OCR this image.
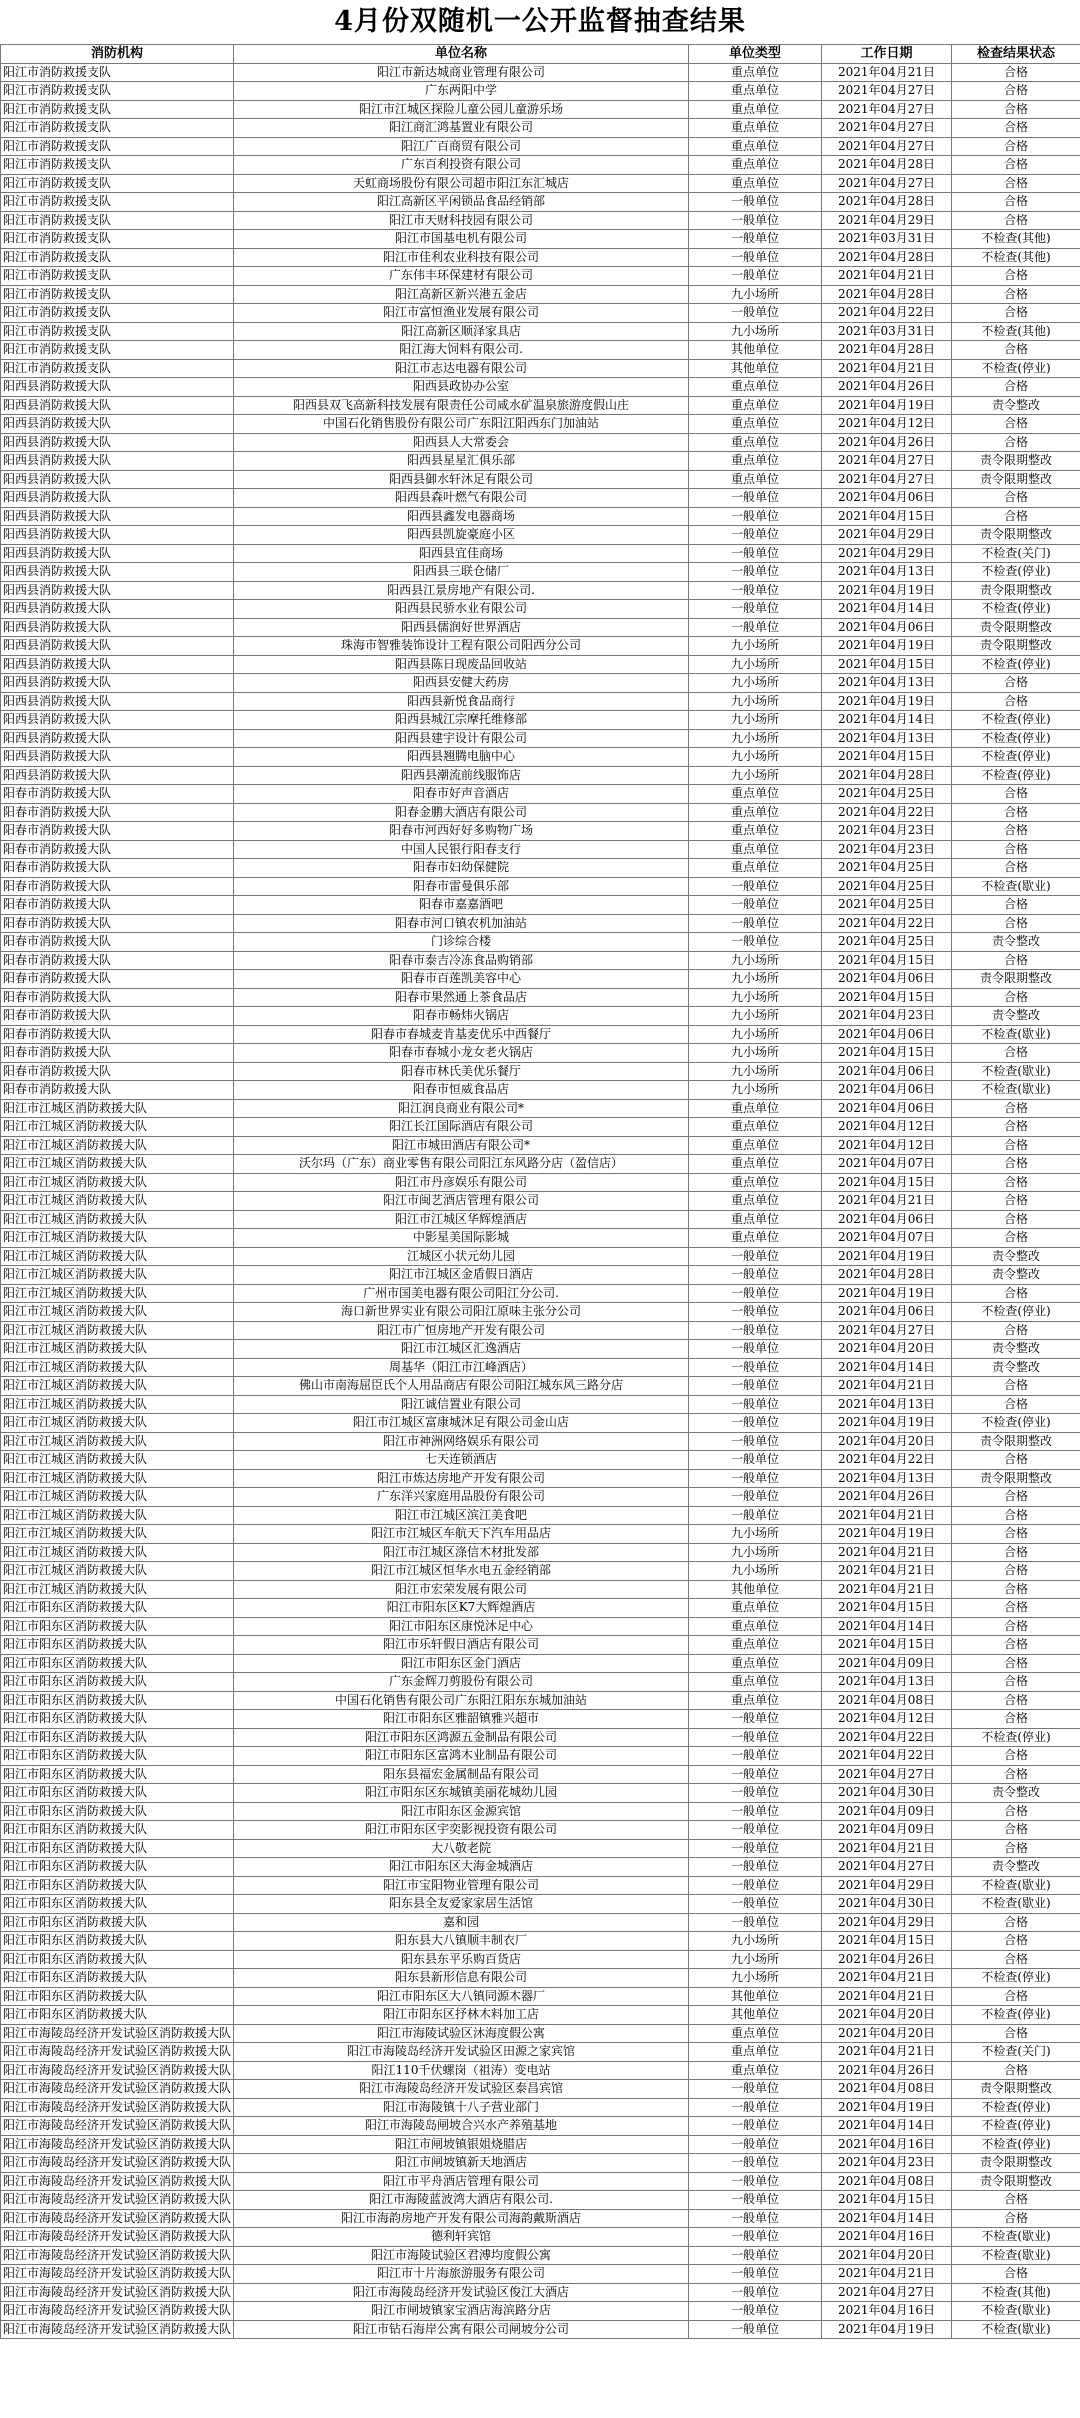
4月份双随机一公开监督抽查结果
消防机构	单位名称	单位类型	工作日期	检查结果状态
阳江市消防救援支队	阳江市新达城商业管理有限公司	重点单位	2021年04月21日	合格
阳江市消防救援支队	广东两阳中学	重点单位	2021年04月27日	合格
阳江市消防救援支队	阳江市江城区探险儿童公园儿童游乐场	重点单位	2021年04月27日	合格
阳江市消防救援支队	阳江商汇鸿基置业有限公司	重点单位	2021年04月27日	合格
阳江市消防救援支队	阳江广百商贸有限公司	重点单位	2021年04月27日	合格
阳江市消防救援支队	广东百利投资有限公司	重点单位	2021年04月28日	合格
阳江市消防救援支队	天虹商场股份有限公司超市阳江东汇城店	重点单位	2021年04月27日	合格
阳江市消防救援支队	阳江高新区平闲锁品食品经销部	一般单位	2021年04月28日	合格
阳江市消防救援支队	阳江市天财科技园有限公司	一般单位	2021年04月29日	合格
阳江市消防救援支队	阳江市国基电机有限公司	一般单位	2021年03月31日	不检查(其他)
阳江市消防救援支队	阳江市佳利农业科技有限公司	一般单位	2021年04月28日	不检查(其他)
阳江市消防救援支队	广东伟丰环保建材有限公司	一般单位	2021年04月21日	合格
阳江市消防救援支队	阳江高新区新兴港五金店	九小场所	2021年04月28日	合格
阳江市消防救援支队	阳江市富恒渔业发展有限公司	一般单位	2021年04月22日	合格
阳江市消防救援支队	阳江高新区顺泽家具店	九小场所	2021年03月31日	不检查(其他)
阳江市消防救援支队	阳江海大饲料有限公司.	其他单位	2021年04月28日	合格
阳江市消防救援支队	阳江市志达电器有限公司	其他单位	2021年04月21日	不检查(停业)
阳西县消防救援大队	阳西县政协办公室	重点单位	2021年04月26日	合格
阳西县消防救援大队	阳西县双飞高新科技发展有限责任公司咸水矿温泉旅游度假山庄	重点单位	2021年04月19日	责令整改
阳西县消防救援大队	中国石化销售股份有限公司广东阳江阳西东门加油站	重点单位	2021年04月12日	合格
阳西县消防救援大队	阳西县人大常委会	重点单位	2021年04月26日	合格
阳西县消防救援大队	阳西县星星汇俱乐部	重点单位	2021年04月27日	责令限期整改
阳西县消防救援大队	阳西县御水轩沐足有限公司	重点单位	2021年04月27日	责令限期整改
阳西县消防救援大队	阳西县森叶燃气有限公司	一般单位	2021年04月06日	合格
阳西县消防救援大队	阳西县鑫发电器商场	一般单位	2021年04月15日	合格
阳西县消防救援大队	阳西县凯旋豪庭小区	一般单位	2021年04月29日	责令限期整改
阳西县消防救援大队	阳西县宜佳商场	一般单位	2021年04月29日	不检查(关门)
阳西县消防救援大队	阳西县三联仓储厂	一般单位	2021年04月13日	不检查(停业)
阳西县消防救援大队	阳西县江景房地产有限公司.	一般单位	2021年04月19日	责令限期整改
阳西县消防救援大队	阳西县民骄水业有限公司	一般单位	2021年04月14日	不检查(停业)
阳西县消防救援大队	阳西县儒润好世界酒店	一般单位	2021年04月06日	责令限期整改
阳西县消防救援大队	珠海市智雅装饰设计工程有限公司阳西分公司	九小场所	2021年04月19日	责令限期整改
阳西县消防救援大队	阳西县陈日现废品回收站	九小场所	2021年04月15日	不检查(停业)
阳西县消防救援大队	阳西县安健大药房	九小场所	2021年04月13日	合格
阳西县消防救援大队	阳西县新悦食品商行	九小场所	2021年04月19日	合格
阳西县消防救援大队	阳西县城江宗摩托维修部	九小场所	2021年04月14日	不检查(停业)
阳西县消防救援大队	阳西县建宇设计有限公司	九小场所	2021年04月13日	不检查(停业)
阳西县消防救援大队	阳西县翘腾电脑中心	九小场所	2021年04月15日	不检查(停业)
阳西县消防救援大队	阳西县潮流前线服饰店	九小场所	2021年04月28日	不检查(停业)
阳春市消防救援大队	阳春市好声音酒店	重点单位	2021年04月25日	合格
阳春市消防救援大队	阳春金鹏大酒店有限公司	重点单位	2021年04月22日	合格
阳春市消防救援大队	阳春市河西好好多购物广场	重点单位	2021年04月23日	合格
阳春市消防救援大队	中国人民银行阳春支行	重点单位	2021年04月23日	合格
阳春市消防救援大队	阳春市妇幼保健院	重点单位	2021年04月25日	合格
阳春市消防救援大队	阳春市雷曼俱乐部	一般单位	2021年04月25日	不检查(歇业)
阳春市消防救援大队	阳春市嘉嘉酒吧	一般单位	2021年04月25日	合格
阳春市消防救援大队	阳春市河口镇农机加油站	一般单位	2021年04月22日	合格
阳春市消防救援大队	门诊综合楼	一般单位	2021年04月25日	责令整改
阳春市消防救援大队	阳春市泰吉冷冻食品购销部	九小场所	2021年04月15日	合格
阳春市消防救援大队	阳春市百莲凯美容中心	九小场所	2021年04月06日	责令限期整改
阳春市消防救援大队	阳春市果然通上茶食品店	九小场所	2021年04月15日	合格
阳春市消防救援大队	阳春市畅炜火锅店	九小场所	2021年04月23日	责令整改
阳春市消防救援大队	阳春市春城麦肯基麦优乐中西餐厅	九小场所	2021年04月06日	不检查(歇业)
阳春市消防救援大队	阳春市春城小龙女老火锅店	九小场所	2021年04月15日	合格
阳春市消防救援大队	阳春市林氏美优乐餐厅	九小场所	2021年04月06日	不检查(歇业)
阳春市消防救援大队	阳春市恒威食品店	九小场所	2021年04月06日	不检查(歇业)
阳江市江城区消防救援大队	阳江润良商业有限公司*	重点单位	2021年04月06日	合格
阳江市江城区消防救援大队	阳江长江国际酒店有限公司	重点单位	2021年04月12日	合格
阳江市江城区消防救援大队	阳江市城田酒店有限公司*	重点单位	2021年04月12日	合格
阳江市江城区消防救援大队	沃尔玛（广东）商业零售有限公司阳江东风路分店（盈信店）	重点单位	2021年04月07日	合格
阳江市江城区消防救援大队	阳江市丹彦娱乐有限公司	重点单位	2021年04月15日	合格
阳江市江城区消防救援大队	阳江市闽艺酒店管理有限公司	重点单位	2021年04月21日	合格
阳江市江城区消防救援大队	阳江市江城区华辉煌酒店	重点单位	2021年04月06日	合格
阳江市江城区消防救援大队	中影星美国际影城	重点单位	2021年04月07日	合格
阳江市江城区消防救援大队	江城区小状元幼儿园	一般单位	2021年04月19日	责令整改
阳江市江城区消防救援大队	阳江市江城区金盾假日酒店	一般单位	2021年04月28日	责令整改
阳江市江城区消防救援大队	广州市国美电器有限公司阳江分公司.	一般单位	2021年04月19日	合格
阳江市江城区消防救援大队	海口新世界实业有限公司阳江原味主张分公司	一般单位	2021年04月06日	不检查(停业)
阳江市江城区消防救援大队	阳江市广恒房地产开发有限公司	一般单位	2021年04月27日	合格
阳江市江城区消防救援大队	阳江市江城区汇逸酒店	一般单位	2021年04月20日	责令整改
阳江市江城区消防救援大队	周基华（阳江市江峰酒店）	一般单位	2021年04月14日	责令整改
阳江市江城区消防救援大队	佛山市南海屈臣氏个人用品商店有限公司阳江城东风三路分店	一般单位	2021年04月21日	合格
阳江市江城区消防救援大队	阳江诚信置业有限公司	一般单位	2021年04月13日	合格
阳江市江城区消防救援大队	阳江市江城区富康城沐足有限公司金山店	一般单位	2021年04月19日	不检查(停业)
阳江市江城区消防救援大队	阳江市神洲网络娱乐有限公司	一般单位	2021年04月20日	责令限期整改
阳江市江城区消防救援大队	七天连锁酒店	一般单位	2021年04月22日	合格
阳江市江城区消防救援大队	阳江市炼达房地产开发有限公司	一般单位	2021年04月13日	责令限期整改
阳江市江城区消防救援大队	广东洋兴家庭用品股份有限公司	一般单位	2021年04月26日	合格
阳江市江城区消防救援大队	阳江市江城区滨江美食吧	一般单位	2021年04月21日	合格
阳江市江城区消防救援大队	阳江市江城区车航天下汽车用品店	九小场所	2021年04月19日	合格
阳江市江城区消防救援大队	阳江市江城区涤信木材批发部	九小场所	2021年04月21日	合格
阳江市江城区消防救援大队	阳江市江城区恒华水电五金经销部	九小场所	2021年04月21日	合格
阳江市江城区消防救援大队	阳江市宏荣发展有限公司	其他单位	2021年04月21日	合格
阳江市阳东区消防救援大队	阳江市阳东区K7大辉煌酒店	重点单位	2021年04月15日	合格
阳江市阳东区消防救援大队	阳江市阳东区康悦沐足中心	重点单位	2021年04月14日	合格
阳江市阳东区消防救援大队	阳江市乐轩假日酒店有限公司	重点单位	2021年04月15日	合格
阳江市阳东区消防救援大队	阳江市阳东区金门酒店	重点单位	2021年04月09日	合格
阳江市阳东区消防救援大队	广东金辉刀剪股份有限公司	重点单位	2021年04月13日	合格
阳江市阳东区消防救援大队	中国石化销售有限公司广东阳江阳东东城加油站	重点单位	2021年04月08日	合格
阳江市阳东区消防救援大队	阳江市阳东区雅韶镇雅兴超市	一般单位	2021年04月12日	合格
阳江市阳东区消防救援大队	阳江市阳东区鸿源五金制品有限公司	一般单位	2021年04月22日	不检查(停业)
阳江市阳东区消防救援大队	阳江市阳东区富鸿木业制品有限公司	一般单位	2021年04月22日	合格
阳江市阳东区消防救援大队	阳东县福宏金属制品有限公司	一般单位	2021年04月27日	合格
阳江市阳东区消防救援大队	阳江市阳东区东城镇美丽花城幼儿园	一般单位	2021年04月30日	责令整改
阳江市阳东区消防救援大队	阳江市阳东区金源宾馆	一般单位	2021年04月09日	合格
阳江市阳东区消防救援大队	阳江市阳东区宇奕影视投资有限公司	一般单位	2021年04月09日	合格
阳江市阳东区消防救援大队	大八敬老院	一般单位	2021年04月21日	合格
阳江市阳东区消防救援大队	阳江市阳东区大海金城酒店	一般单位	2021年04月27日	责令整改
阳江市阳东区消防救援大队	阳江市宝阳物业管理有限公司	一般单位	2021年04月29日	不检查(歇业)
阳江市阳东区消防救援大队	阳东县全友爱家家居生活馆	一般单位	2021年04月30日	不检查(歇业)
阳江市阳东区消防救援大队	嘉和园	一般单位	2021年04月29日	合格
阳江市阳东区消防救援大队	阳东县大八镇顺丰制衣厂	九小场所	2021年04月15日	合格
阳江市阳东区消防救援大队	阳东县东平乐购百货店	九小场所	2021年04月26日	合格
阳江市阳东区消防救援大队	阳东县新形信息有限公司	九小场所	2021年04月21日	不检查(停业)
阳江市阳东区消防救援大队	阳江市阳东区大八镇同源木器厂	其他单位	2021年04月21日	合格
阳江市阳东区消防救援大队	阳江市阳东区抒林木料加工店	其他单位	2021年04月20日	不检查(停业)
阳江市海陵岛经济开发试验区消防救援大队	阳江市海陵试验区沐海度假公寓	重点单位	2021年04月20日	合格
阳江市海陵岛经济开发试验区消防救援大队	阳江市海陵岛经济开发试验区田源之家宾馆	重点单位	2021年04月21日	不检查(关门)
阳江市海陵岛经济开发试验区消防救援大队	阳江110千伏螺岗（祖涛）变电站	重点单位	2021年04月26日	合格
阳江市海陵岛经济开发试验区消防救援大队	阳江市海陵岛经济开发试验区泰昌宾馆	一般单位	2021年04月08日	责令限期整改
阳江市海陵岛经济开发试验区消防救援大队	阳江市海陵镇十八子营业部门	一般单位	2021年04月19日	不检查(停业)
阳江市海陵岛经济开发试验区消防救援大队	阳江市海陵岛闸坡合兴水产养殖基地	一般单位	2021年04月14日	不检查(停业)
阳江市海陵岛经济开发试验区消防救援大队	阳江市闸坡镇银姐烧腊店	一般单位	2021年04月16日	不检查(停业)
阳江市海陵岛经济开发试验区消防救援大队	阳江市闸坡镇新天地酒店	一般单位	2021年04月23日	责令限期整改
阳江市海陵岛经济开发试验区消防救援大队	阳江市平舟酒店管理有限公司	一般单位	2021年04月08日	责令限期整改
阳江市海陵岛经济开发试验区消防救援大队	阳江市海陵蓝波湾大酒店有限公司.	一般单位	2021年04月15日	合格
阳江市海陵岛经济开发试验区消防救援大队	阳江市海韵房地产开发有限公司海韵戴斯酒店	一般单位	2021年04月14日	合格
阳江市海陵岛经济开发试验区消防救援大队	德利轩宾馆	一般单位	2021年04月16日	不检查(歇业)
阳江市海陵岛经济开发试验区消防救援大队	阳江市海陵试验区君溥均度假公寓	一般单位	2021年04月20日	不检查(歇业)
阳江市海陵岛经济开发试验区消防救援大队	阳江市十片海旅游服务有限公司	一般单位	2021年04月21日	合格
阳江市海陵岛经济开发试验区消防救援大队	阳江市海陵岛经济开发试验区俊江大酒店	一般单位	2021年04月27日	不检查(其他)
阳江市海陵岛经济开发试验区消防救援大队	阳江市闸坡镇家宝酒店海滨路分店	一般单位	2021年04月16日	不检查(歇业)
阳江市海陵岛经济开发试验区消防救援大队	阳江市钻石海岸公寓有限公司闸坡分公司	一般单位	2021年04月19日	不检查(歇业)
